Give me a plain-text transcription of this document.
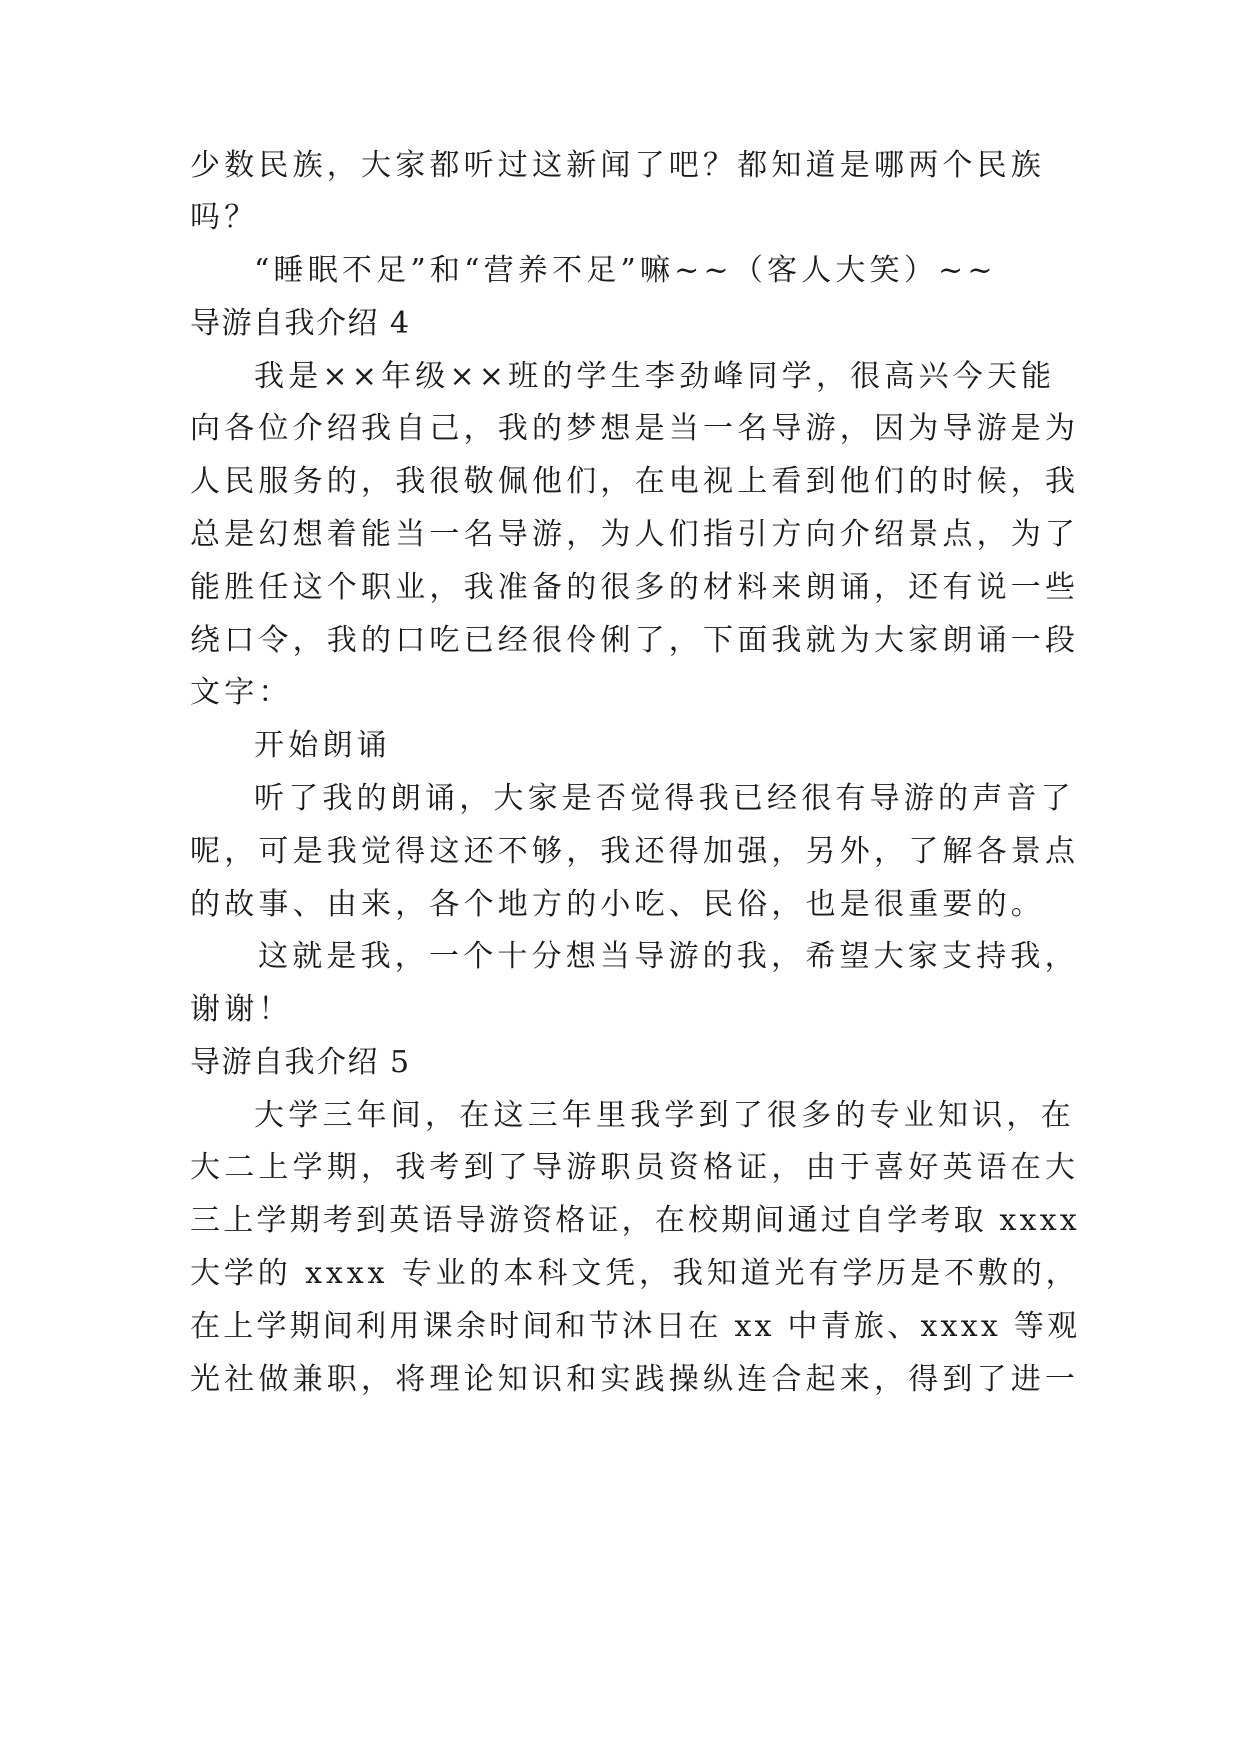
少数民族，大家都听过这新闻了吧？都知道是哪两个民族
吗？
“睡眠不足”和“营养不足”嘛~~（客人大笑）~~
导游自我介绍 4
我是××年级××班的学生李劲峰同学，很高兴今天能
向各位介绍我自己，我的梦想是当一名导游，因为导游是为
人民服务的，我很敬佩他们，在电视上看到他们的时候，我
总是幻想着能当一名导游，为人们指引方向介绍景点，为了
能胜任这个职业，我准备的很多的材料来朗诵，还有说一些
绕口令，我的口吃已经很伶俐了，下面我就为大家朗诵一段
文字：
开始朗诵
听了我的朗诵，大家是否觉得我已经很有导游的声音了
呢，可是我觉得这还不够，我还得加强，另外，了解各景点
的故事、由来，各个地方的小吃、民俗，也是很重要的。
这就是我，一个十分想当导游的我，希望大家支持我，
谢谢！
导游自我介绍 5
大学三年间，在这三年里我学到了很多的专业知识，在
大二上学期，我考到了导游职员资格证，由于喜好英语在大
三上学期考到英语导游资格证，在校期间通过自学考取 xxxx
大学的 xxxx 专业的本科文凭，我知道光有学历是不敷的，
在上学期间利用课余时间和节沐日在 xx 中青旅、xxxx 等观
光社做兼职，将理论知识和实践操纵连合起来，得到了进一
